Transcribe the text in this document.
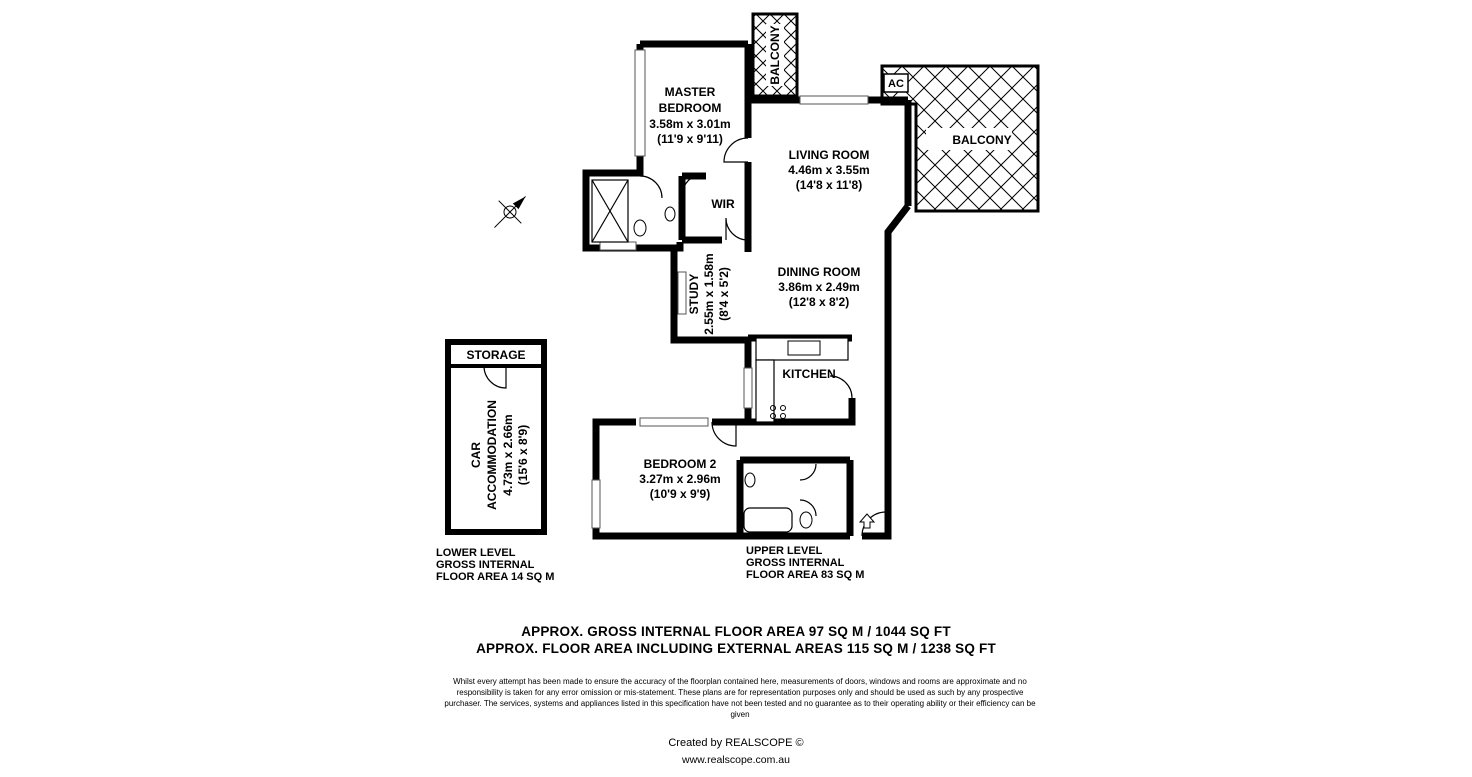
BALCONY
AC
BALCONY
STORAGE
CAR ACCOMMODATION 4.73m x 2.66m (15'6 x 8'9)
MASTER
BEDROOM
3.58m x 3.01m
(11'9 x 9'11)
LIVING ROOM
4.46m x 3.55m
(14'8 x 11'8)
WIR
DINING ROOM
3.86m x 2.49m
(12'8 x 8'2)
STUDY 2.55m x 1.58m (8'4 x 5'2)
KITCHEN
BEDROOM 2
3.27m x 2.96m
(10'9 x 9'9)
LOWER LEVEL
GROSS INTERNAL
FLOOR AREA 14 SQ M
UPPER LEVEL
GROSS INTERNAL
FLOOR AREA 83 SQ M
APPROX. GROSS INTERNAL FLOOR AREA 97 SQ M / 1044 SQ FT
APPROX. FLOOR AREA INCLUDING EXTERNAL AREAS 115 SQ M / 1238 SQ FT
Whilst every attempt has been made to ensure the accuracy of the floorplan contained here, measurements of doors, windows and rooms are approximate and no responsibility is taken for any error omission or mis-statement. These plans are for representation purposes only and should be used as such by any prospective purchaser. The services, systems and appliances listed in this specification have not been tested and no guarantee as to their operating ability or their efficiency can be given
Created by REALSCOPE ©
www.realscope.com.au
